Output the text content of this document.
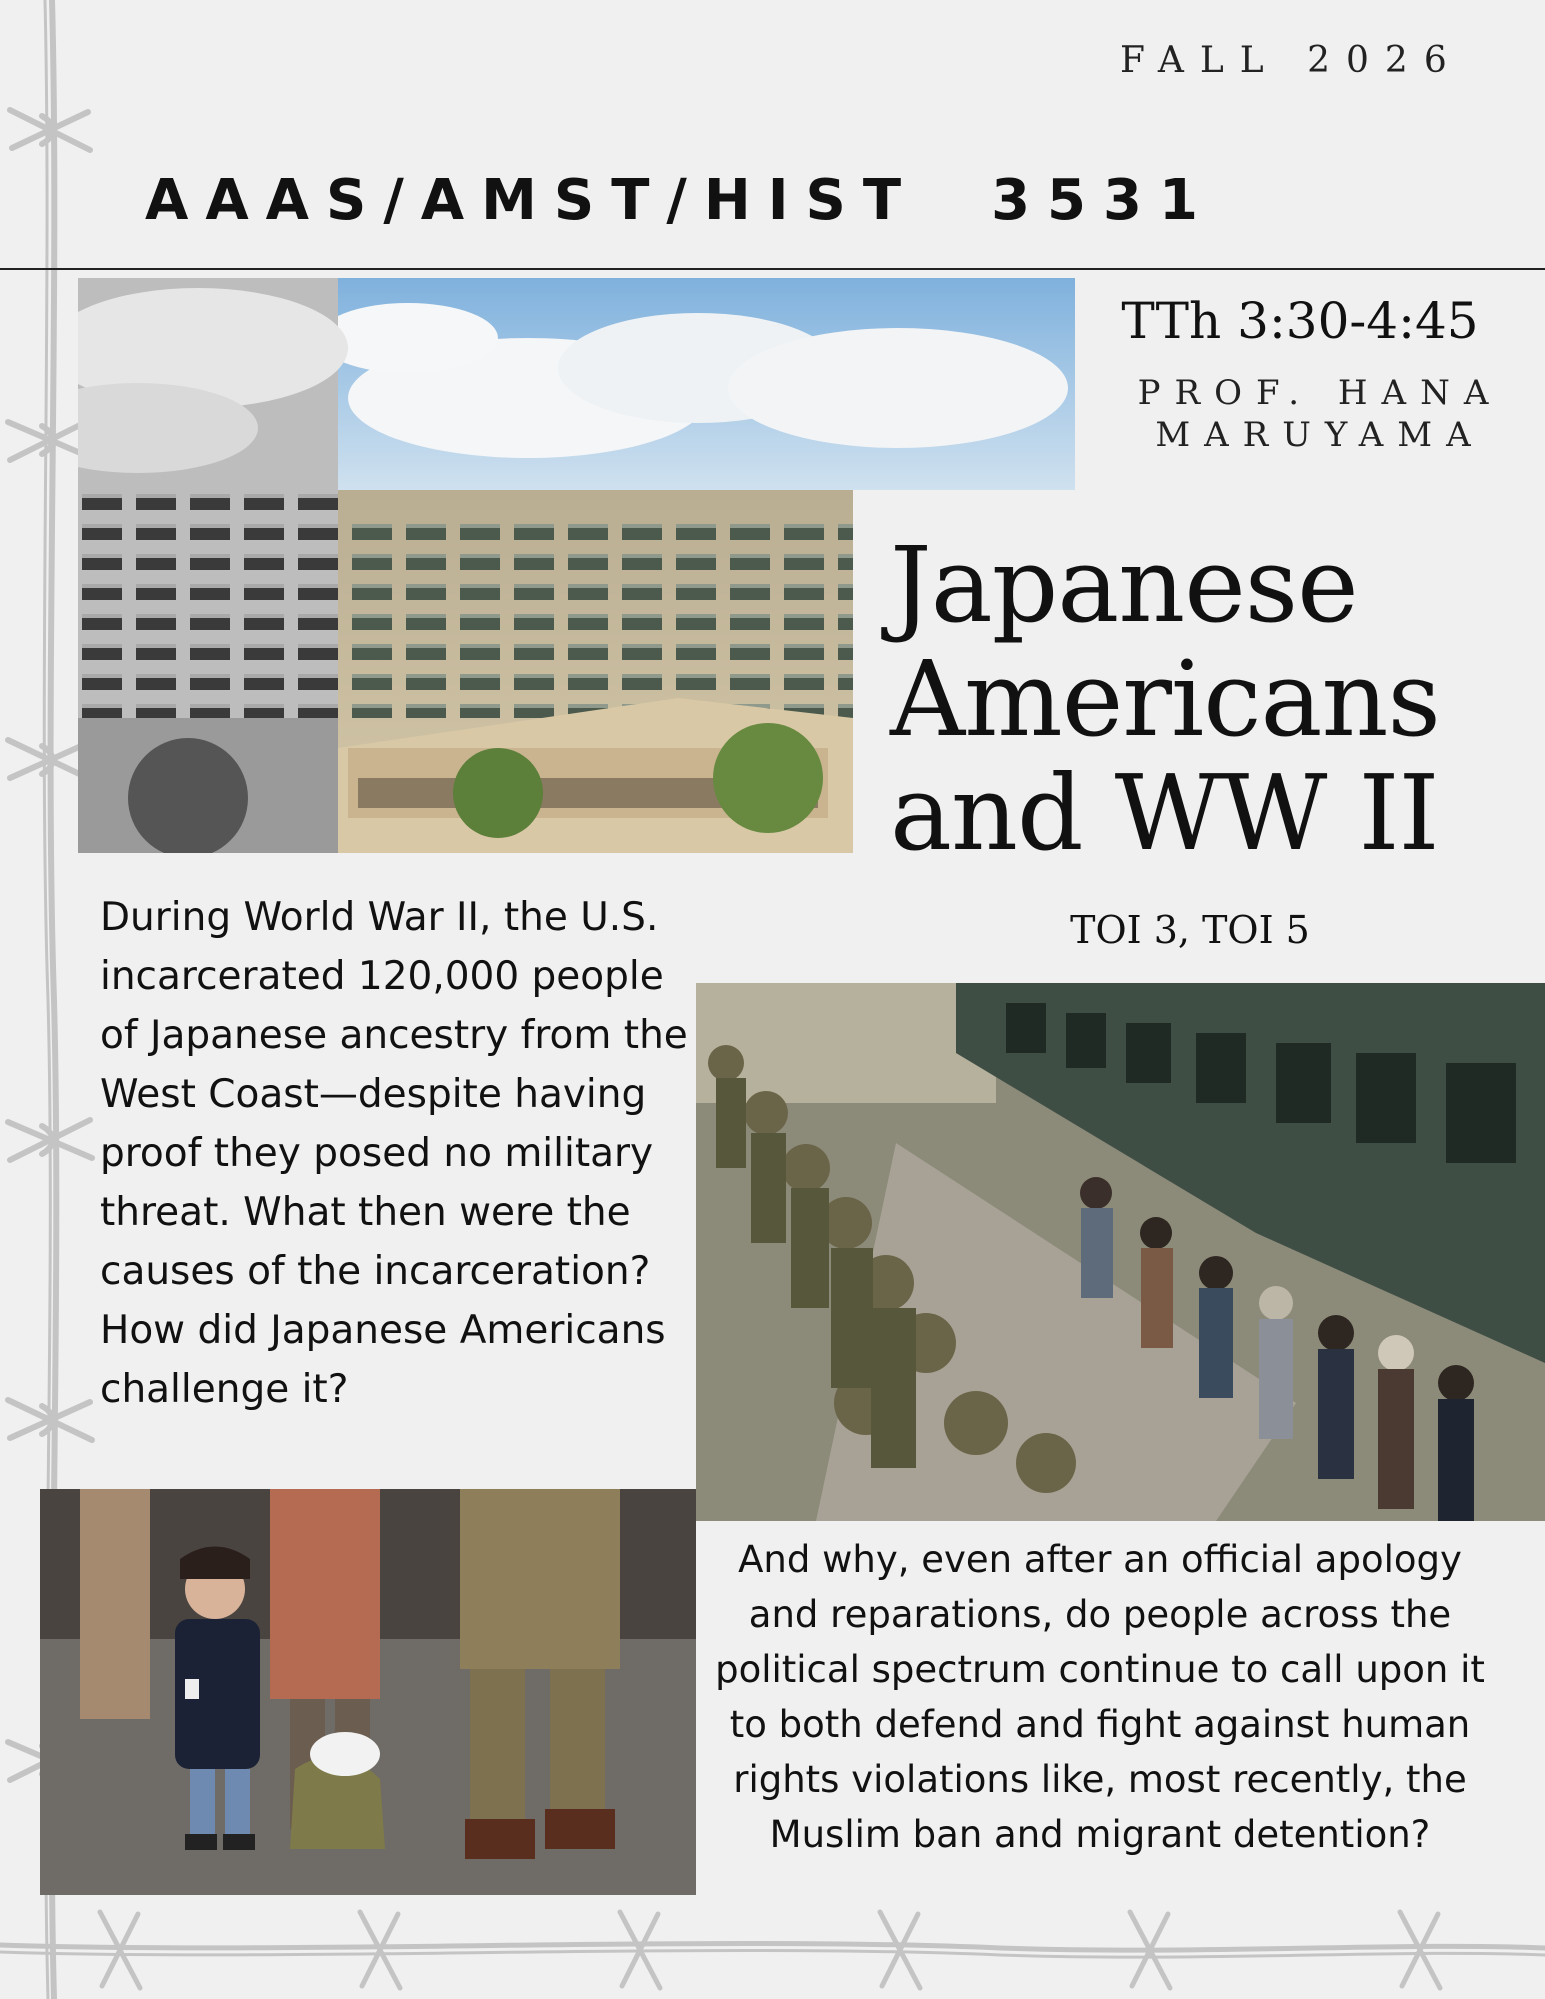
FALL 2026
AAAS/AMST/HIST  3531
TTh 3:30-4:45
PROF. HANA
MARUYAMA
Japanese
Americans
and WW II
TOI 3, TOI 5
During World War II, the U.S. incarcerated 120,000 people of Japanese ancestry from the West Coast—despite having proof they posed no military threat. What then were the causes of the incarceration? How did Japanese Americans challenge it?
And why, even after an official apology and reparations, do people across the political spectrum continue to call upon it to both defend and fight against human rights violations like, most recently, the Muslim ban and migrant detention?
